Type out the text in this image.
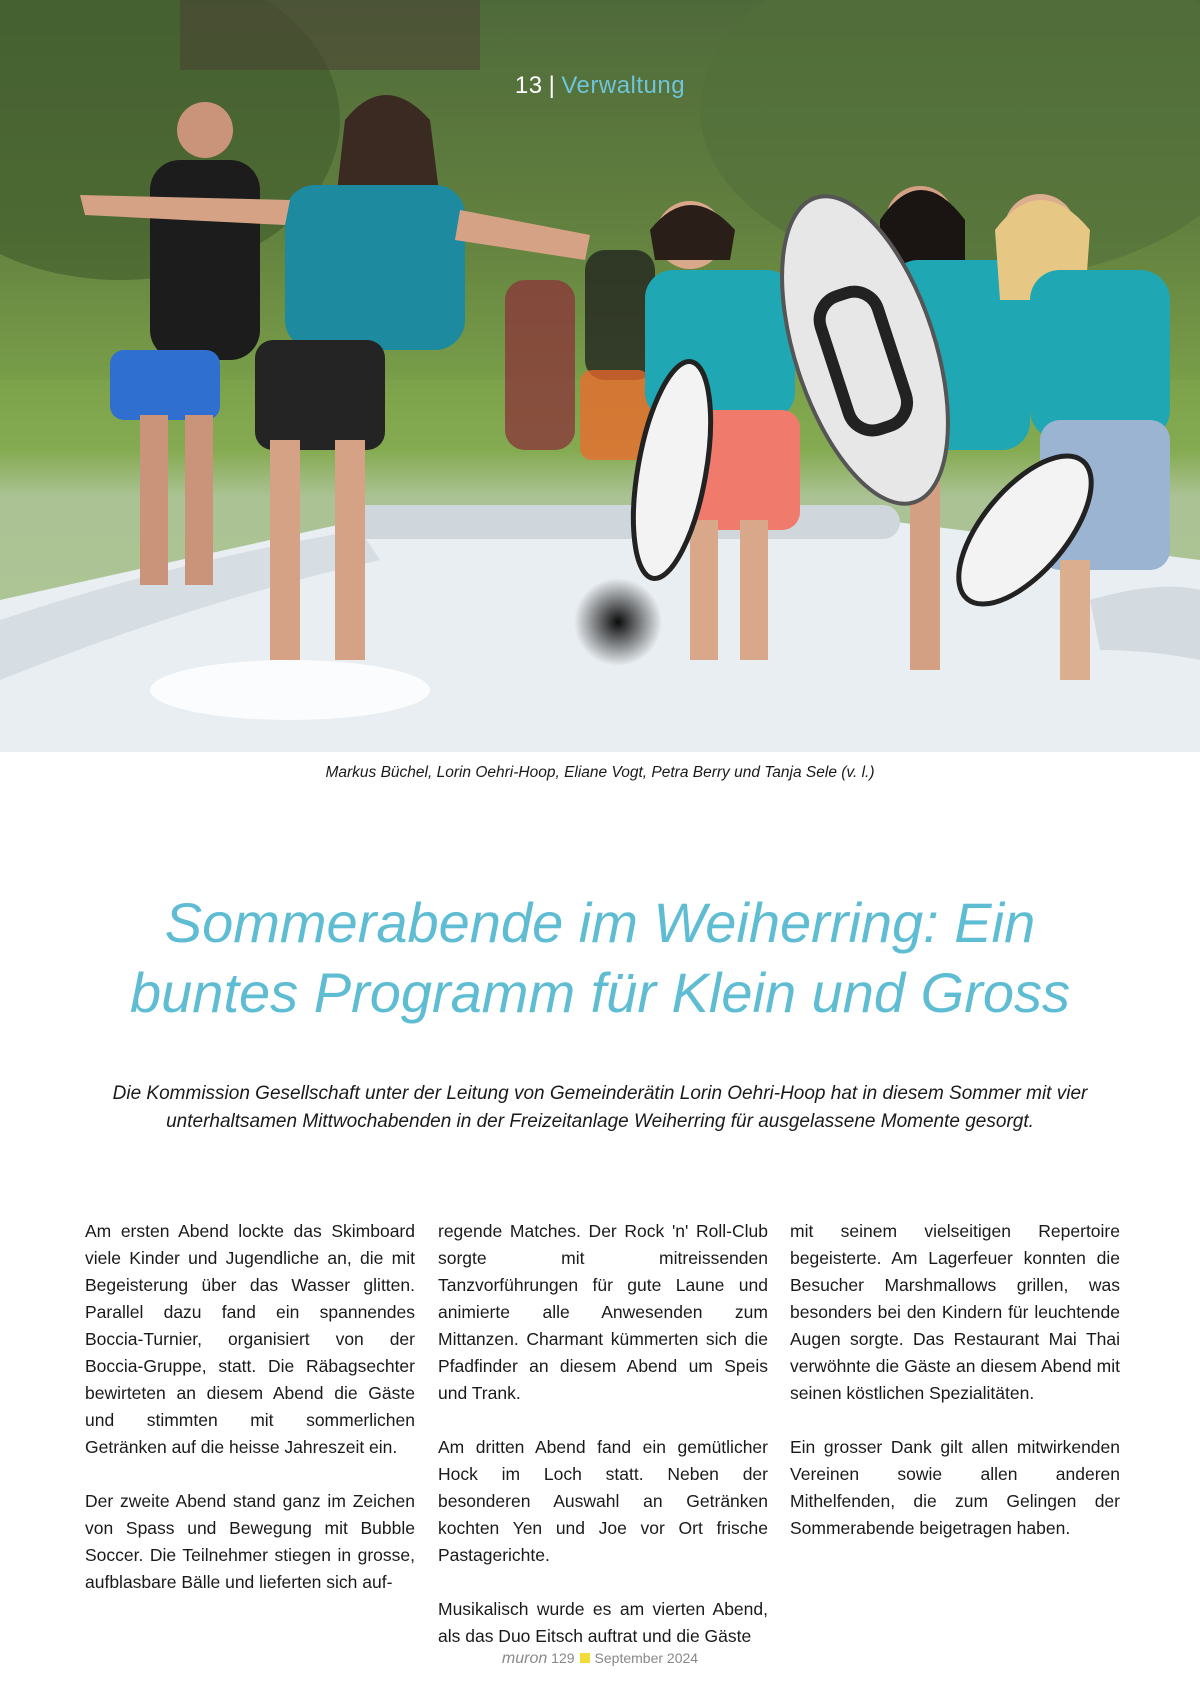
13 | Verwaltung
Markus Büchel, Lorin Oehri-Hoop, Eliane Vogt, Petra Berry und Tanja Sele (v. l.)
Sommerabende im Weiherring: Ein buntes Programm für Klein und Gross

Die Kommission Gesellschaft unter der Leitung von Gemeinderätin Lorin Oehri-Hoop hat in diesem Sommer mit vier unterhaltsamen Mittwochabenden in der Freizeitanlage Weiherring für ausgelassene Momente gesorgt.

Am ersten Abend lockte das Skimboard viele Kinder und Jugendliche an, die mit Begeisterung über das Wasser glitten. Parallel dazu fand ein spannendes Boccia-Turnier, organisiert von der Boccia-Gruppe, statt. Die Räbagsechter bewirteten an diesem Abend die Gäste und stimmten mit sommerlichen Getränken auf die heisse Jahreszeit ein.

Der zweite Abend stand ganz im Zeichen von Spass und Bewegung mit Bubble Soccer. Die Teilnehmer stiegen in grosse, aufblasbare Bälle und lieferten sich auf-

regende Matches. Der Rock 'n' Roll-Club sorgte mit mitreissenden Tanzvorführungen für gute Laune und animierte alle Anwesenden zum Mittanzen. Charmant kümmerten sich die Pfadfinder an diesem Abend um Speis und Trank.

Am dritten Abend fand ein gemütlicher Hock im Loch statt. Neben der besonderen Auswahl an Getränken kochten Yen und Joe vor Ort frische Pastagerichte.

Musikalisch wurde es am vierten Abend, als das Duo Eitsch auftrat und die Gäste

mit seinem vielseitigen Repertoire begeisterte. Am Lagerfeuer konnten die Besucher Marshmallows grillen, was besonders bei den Kindern für leuchtende Augen sorgte. Das Restaurant Mai Thai verwöhnte die Gäste an diesem Abend mit seinen köstlichen Spezialitäten.

Ein grosser Dank gilt allen mitwirkenden Vereinen sowie allen anderen Mithelfenden, die zum Gelingen der Sommerabende beigetragen haben.

muron 129 September 2024
